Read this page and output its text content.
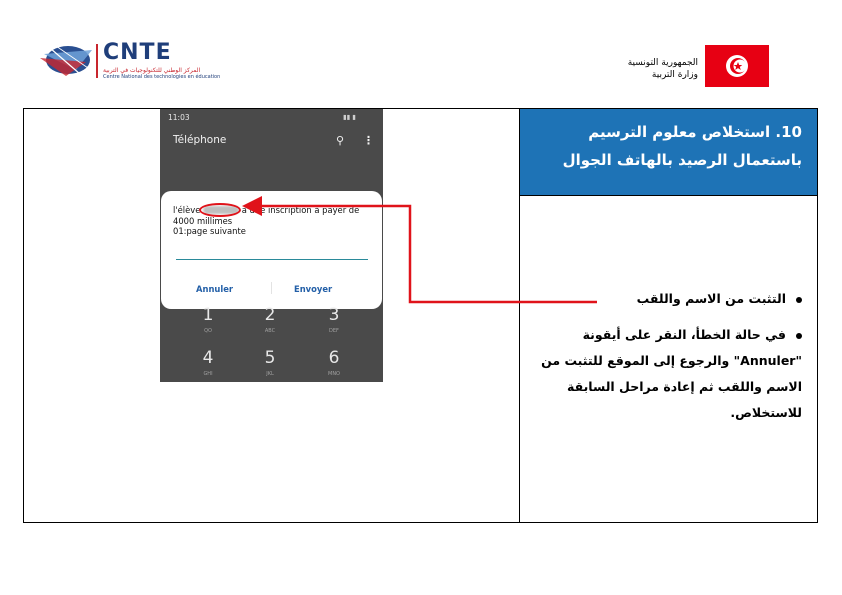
CNTE
المركز الوطني للتكنولوجيات في التربية
Centre National des technologies en éducation
الجمهورية التونسية
وزارة التربية
10. استخلاص معلوم الترسيم باستعمال الرصيد بالهاتف الجوال
التثبت من الاسم واللقب
في حالة الخطأ، النقر على أيقونة "Annuler" والرجوع إلى الموقع للتثبت من الاسم واللقب ثم إعادة مراحل السابقة للاستخلاص.
11:03	▮▮ ▮
Téléphone	⚲ ⋮
l'élève	a une inscription à payer de
4000 millimes
01:page suivante
Annuler	Envoyer
1
QO
2
ABC
3
DEF
4
GHI
5
JKL
6
MNO
